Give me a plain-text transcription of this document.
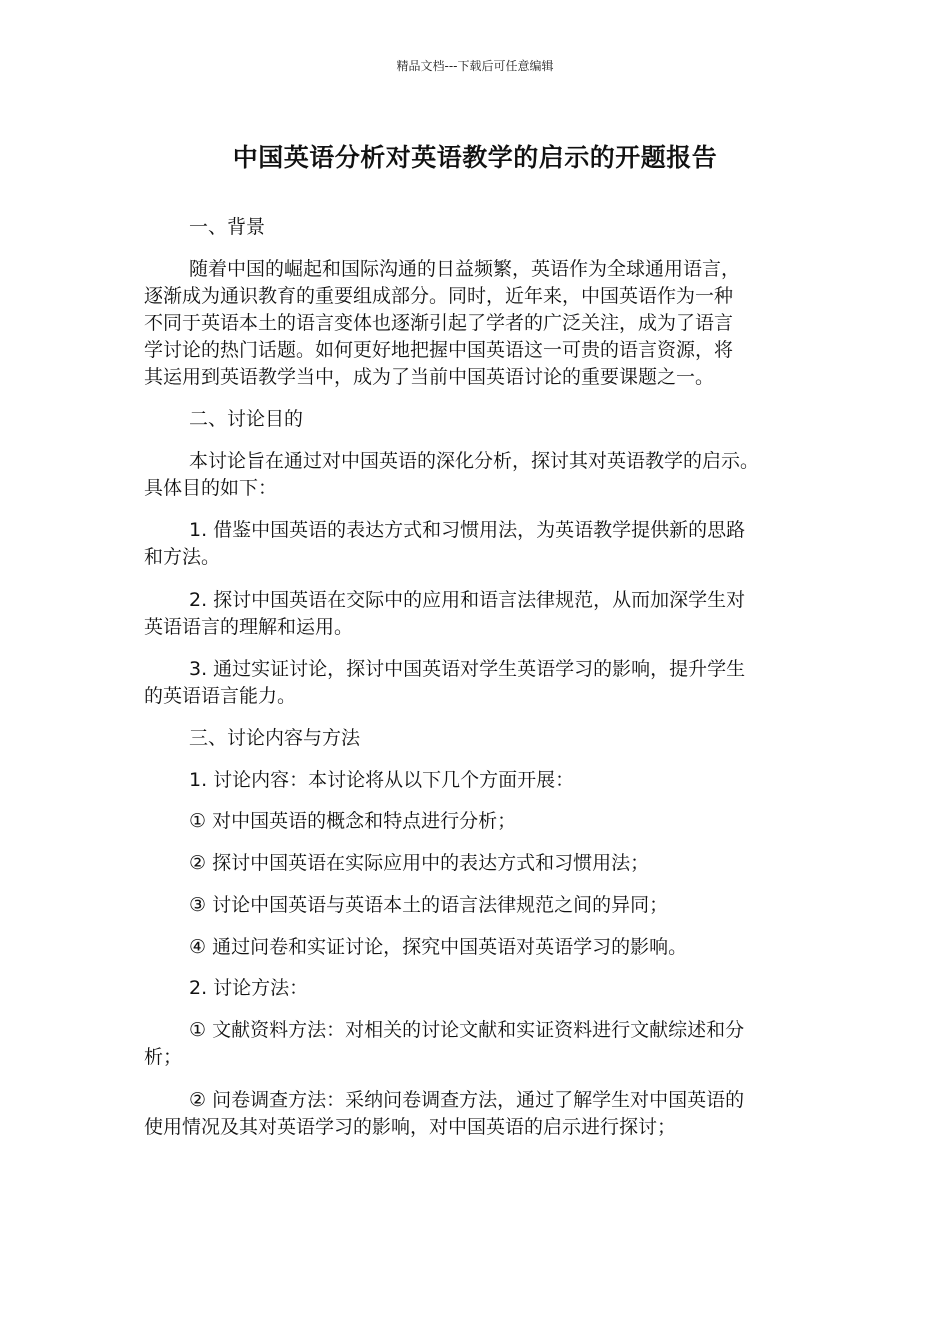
精品文档---下载后可任意编辑
中国英语分析对英语教学的启示的开题报告

一、背景

随着中国的崛起和国际沟通的日益频繁，英语作为全球通用语言，
逐渐成为通识教育的重要组成部分。同时，近年来，中国英语作为一种
不同于英语本土的语言变体也逐渐引起了学者的广泛关注，成为了语言
学讨论的热门话题。如何更好地把握中国英语这一可贵的语言资源，将
其运用到英语教学当中，成为了当前中国英语讨论的重要课题之一。

二、讨论目的

本讨论旨在通过对中国英语的深化分析，探讨其对英语教学的启示。
具体目的如下：

1. 借鉴中国英语的表达方式和习惯用法，为英语教学提供新的思路
和方法。

2. 探讨中国英语在交际中的应用和语言法律规范，从而加深学生对
英语语言的理解和运用。

3. 通过实证讨论，探讨中国英语对学生英语学习的影响，提升学生
的英语语言能力。

三、讨论内容与方法

1. 讨论内容：本讨论将从以下几个方面开展：

① 对中国英语的概念和特点进行分析；

② 探讨中国英语在实际应用中的表达方式和习惯用法；

③ 讨论中国英语与英语本土的语言法律规范之间的异同；

④ 通过问卷和实证讨论，探究中国英语对英语学习的影响。

2. 讨论方法：

① 文献资料方法：对相关的讨论文献和实证资料进行文献综述和分
析；

② 问卷调查方法：采纳问卷调查方法，通过了解学生对中国英语的
使用情况及其对英语学习的影响，对中国英语的启示进行探讨；
